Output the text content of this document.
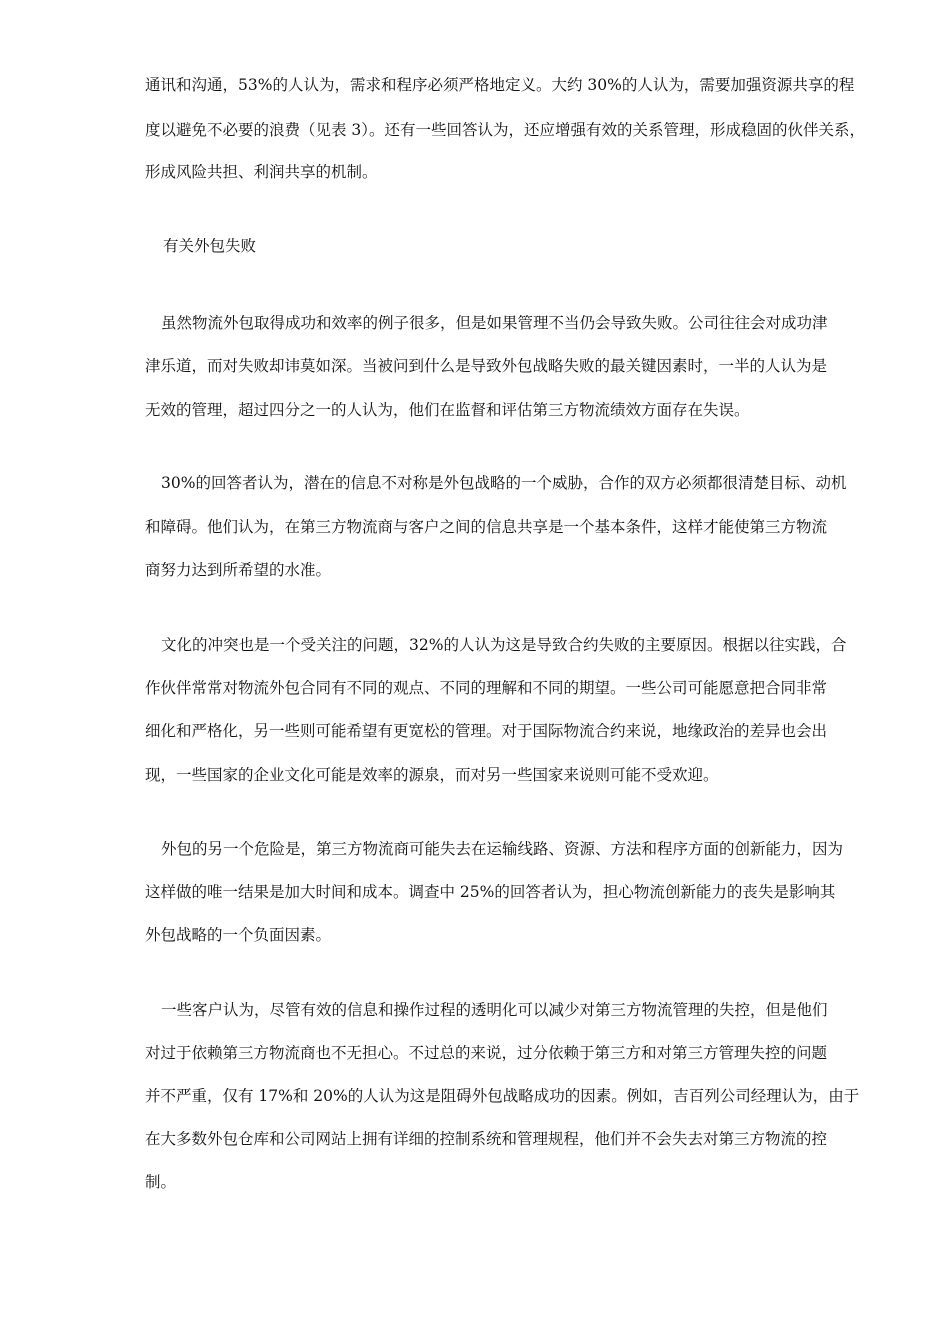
通讯和沟通，53%的人认为，需求和程序必须严格地定义。大约 30%的人认为，需要加强资源共享的程
度以避免不必要的浪费（见表 3）。还有一些回答认为，还应增强有效的关系管理，形成稳固的伙伴关系，
形成风险共担、利润共享的机制。
有关外包失败
虽然物流外包取得成功和效率的例子很多，但是如果管理不当仍会导致失败。公司往往会对成功津
津乐道，而对失败却讳莫如深。当被问到什么是导致外包战略失败的最关键因素时，一半的人认为是
无效的管理，超过四分之一的人认为，他们在监督和评估第三方物流绩效方面存在失误。
30%的回答者认为，潜在的信息不对称是外包战略的一个威胁，合作的双方必须都很清楚目标、动机
和障碍。他们认为，在第三方物流商与客户之间的信息共享是一个基本条件，这样才能使第三方物流
商努力达到所希望的水准。
文化的冲突也是一个受关注的问题，32%的人认为这是导致合约失败的主要原因。根据以往实践，合
作伙伴常常对物流外包合同有不同的观点、不同的理解和不同的期望。一些公司可能愿意把合同非常
细化和严格化，另一些则可能希望有更宽松的管理。对于国际物流合约来说，地缘政治的差异也会出
现，一些国家的企业文化可能是效率的源泉，而对另一些国家来说则可能不受欢迎。
外包的另一个危险是，第三方物流商可能失去在运输线路、资源、方法和程序方面的创新能力，因为
这样做的唯一结果是加大时间和成本。调查中 25%的回答者认为，担心物流创新能力的丧失是影响其
外包战略的一个负面因素。
一些客户认为，尽管有效的信息和操作过程的透明化可以减少对第三方物流管理的失控，但是他们
对过于依赖第三方物流商也不无担心。不过总的来说，过分依赖于第三方和对第三方管理失控的问题
并不严重，仅有 17%和 20%的人认为这是阻碍外包战略成功的因素。例如，吉百列公司经理认为，由于
在大多数外包仓库和公司网站上拥有详细的控制系统和管理规程，他们并不会失去对第三方物流的控
制。
